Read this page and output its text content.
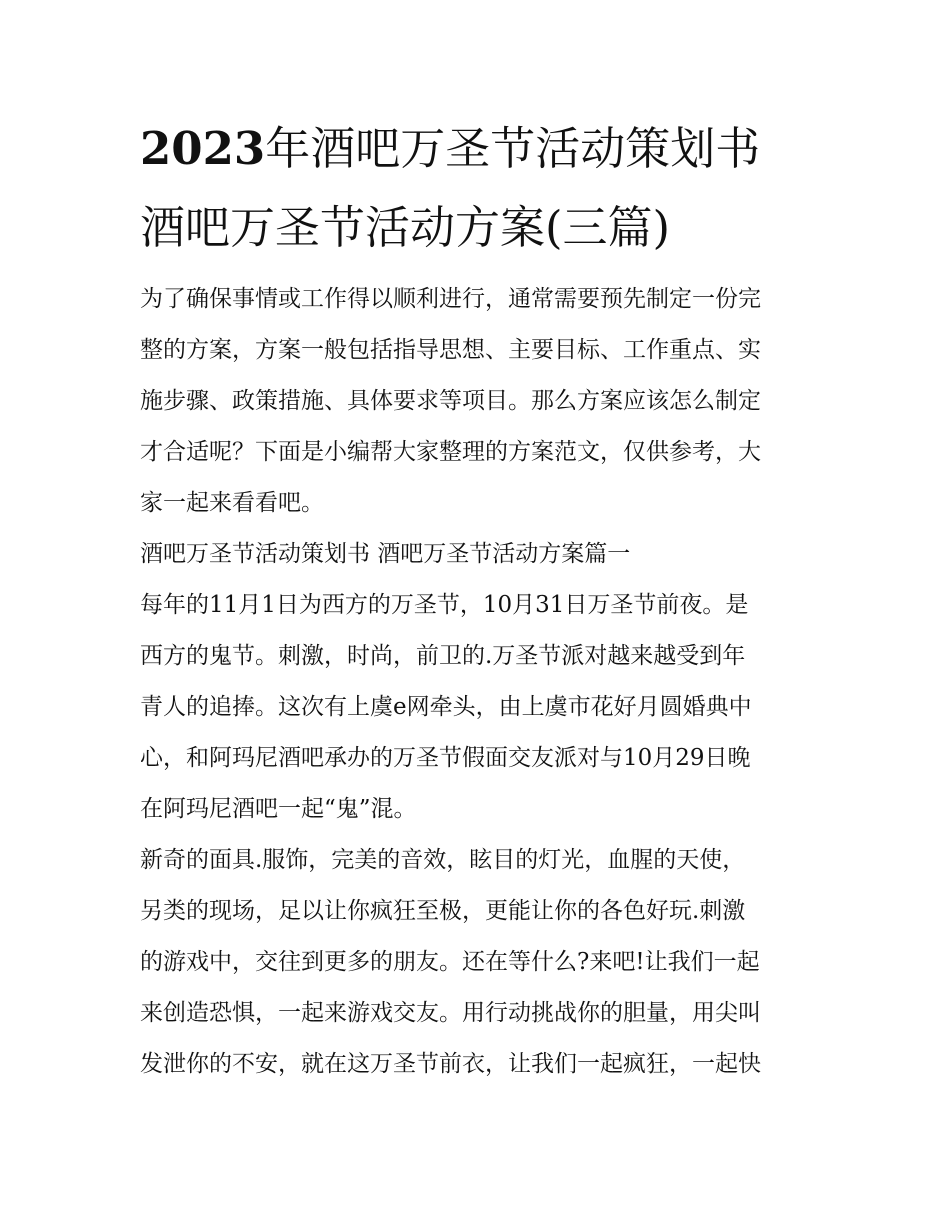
2023年酒吧万圣节活动策划书
酒吧万圣节活动方案(三篇)

为了确保事情或工作得以顺利进行，通常需要预先制定一份完

整的方案，方案一般包括指导思想、主要目标、工作重点、实

施步骤、政策措施、具体要求等项目。那么方案应该怎么制定

才合适呢？下面是小编帮大家整理的方案范文，仅供参考，大

家一起来看看吧。

酒吧万圣节活动策划书 酒吧万圣节活动方案篇一

每年的11月1日为西方的万圣节，10月31日万圣节前夜。是

西方的鬼节。刺激，时尚，前卫的.万圣节派对越来越受到年

青人的追捧。这次有上虞e网牵头，由上虞市花好月圆婚典中

心，和阿玛尼酒吧承办的万圣节假面交友派对与10月29日晚

在阿玛尼酒吧一起“鬼”混。

新奇的面具.服饰，完美的音效，眩目的灯光，血腥的天使，

另类的现场，足以让你疯狂至极，更能让你的各色好玩.刺激

的游戏中，交往到更多的朋友。还在等什么?来吧!让我们一起

来创造恐惧，一起来游戏交友。用行动挑战你的胆量，用尖叫

发泄你的不安，就在这万圣节前衣，让我们一起疯狂，一起快
